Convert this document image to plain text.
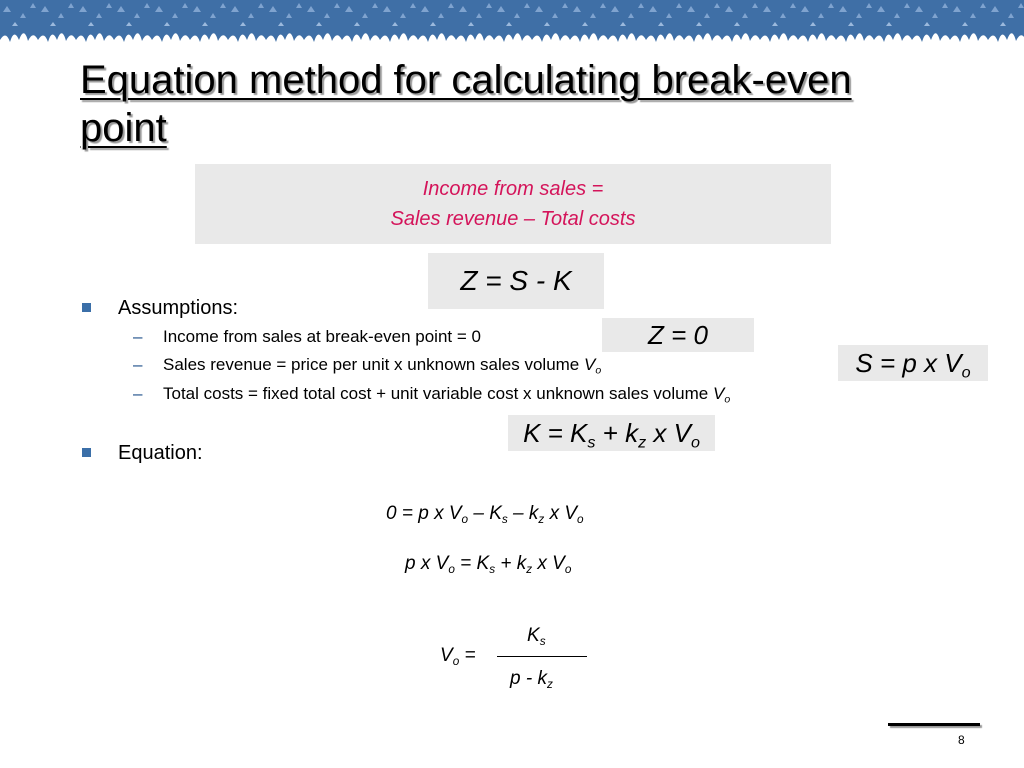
Equation method for calculating break-even point
Income from sales =
Sales revenue – Total costs
Z = S - K
Z = 0
S = p x $V_o$
$K = K_s + k_z$ x $V_o$
Assumptions:
– Income from sales at break-even point = 0
– Sales revenue = price per unit x unknown sales volume $V_o$
– Total costs = fixed total cost + unit variable cost x unknown sales volume $V_o$
Equation:
0 = p x $V_o - K_s - k_z$ x $V_o$
p x $V_o = K_s + k_z$ x $V_o$
$K_s$
$V_o$ =
p - $k_z$
8
